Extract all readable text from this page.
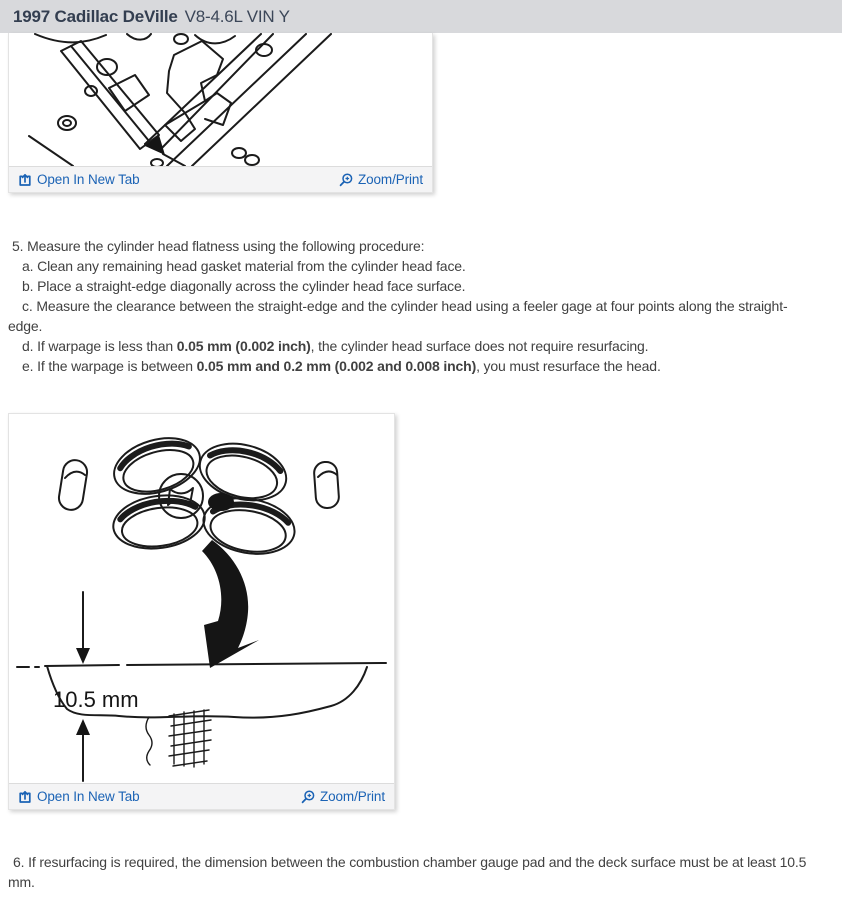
1997 Cadillac DeVille V8-4.6L VIN Y
Open In New Tab	Zoom/Print
5. Measure the cylinder head flatness using the following procedure:
a. Clean any remaining head gasket material from the cylinder head face.
b. Place a straight-edge diagonally across the cylinder head face surface.
c. Measure the clearance between the straight-edge and the cylinder head using a feeler gage at four points along the straight-edge.
d. If warpage is less than 0.05 mm (0.002 inch), the cylinder head surface does not require resurfacing.
e. If the warpage is between 0.05 mm and 0.2 mm (0.002 and 0.008 inch), you must resurface the head.
10.5 mm
Open In New Tab	Zoom/Print
6. If resurfacing is required, the dimension between the combustion chamber gauge pad and the deck surface must be at least 10.5 mm.
